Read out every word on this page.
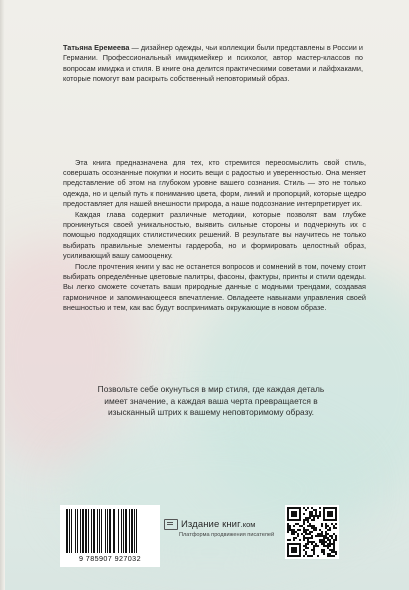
Татьяна Еремеева — дизайнер одежды, чьи коллекции были представлены в России и Германии. Профессиональный имиджмейкер и психолог, автор мастер-классов по вопросам имиджа и стиля. В книге она делится практическими советами и лайфхаками, которые помогут вам раскрыть собственный неповторимый образ.

Эта книга предназначена для тех, кто стремится переосмыслить свой стиль, совершать осознанные покупки и носить вещи с радостью и уверенностью. Она меняет представление об этом на глубоком уровне вашего сознания. Стиль — это не только одежда, но и целый путь к пониманию цвета, форм, линий и пропорций, которые щедро предоставляет для нашей внешности природа, а наше подсознание интерпретирует их.

Каждая глава содержит различные методики, которые позволят вам глубже проникнуться своей уникальностью, выявить сильные стороны и подчеркнуть их с помощью подходящих стилистических решений. В результате вы научитесь не только выбирать правильные элементы гардероба, но и формировать целостный образ, усиливающий вашу самооценку.

После прочтения книги у вас не останется вопросов и сомнений в том, почему стоит выбирать определённые цветовые палитры, фасоны, фактуры, принты и стили одежды. Вы легко сможете сочетать ваши природные данные с модными трендами, создавая гармоничное и запоминающееся впечатление. Овладеете навыками управления своей внешностью и тем, как вас будут воспринимать окружающие в новом образе.

Позвольте себе окунуться в мир стиля, где каждая деталь имеет значение, а каждая ваша черта превращается в изысканный штрих к вашему неповторимому образу.
9 785907 927032
Издание книг .ком
Платформа продвижения писателей
